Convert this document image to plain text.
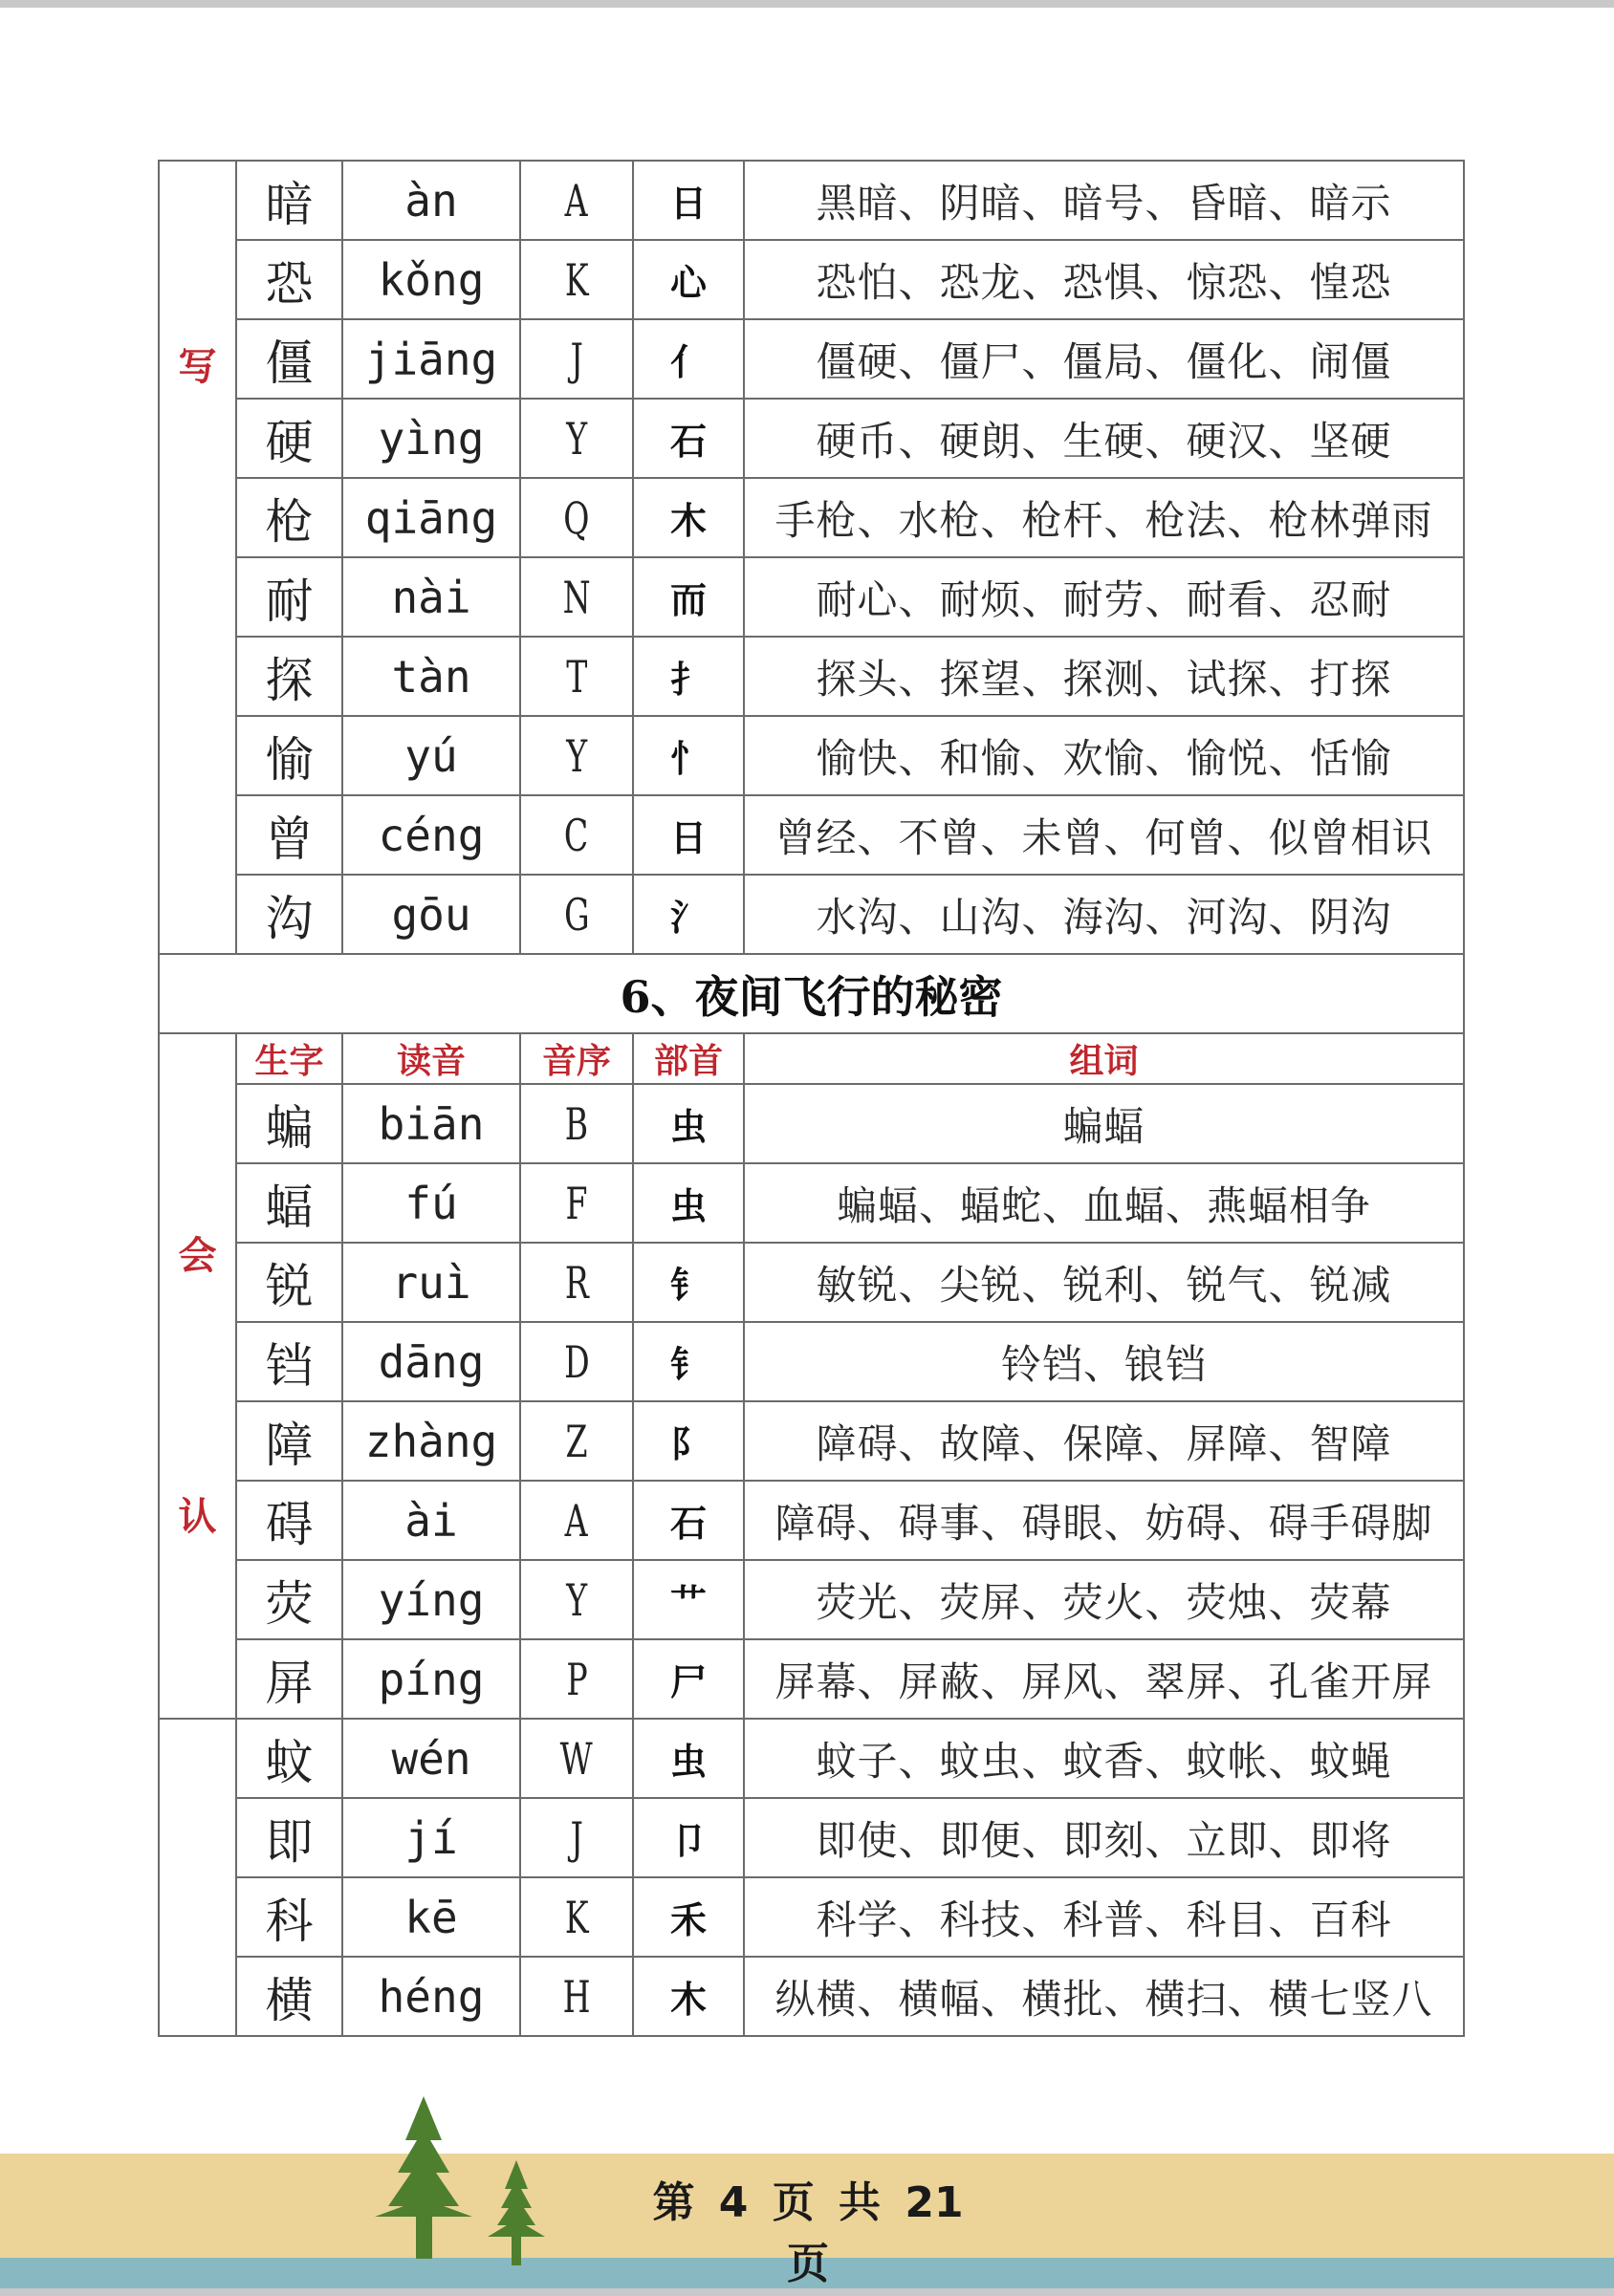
写	暗	àn	A	日	黑暗、阴暗、暗号、昏暗、暗示
	恐	kǒng	K	心	恐怕、恐龙、恐惧、惊恐、惶恐
	僵	jiāng	J	亻	僵硬、僵尸、僵局、僵化、闹僵
	硬	yìng	Y	石	硬币、硬朗、生硬、硬汉、坚硬
	枪	qiāng	Q	木	手枪、水枪、枪杆、枪法、枪林弹雨
	耐	nài	N	而	耐心、耐烦、耐劳、耐看、忍耐
	探	tàn	T	扌	探头、探望、探测、试探、打探
	愉	yú	Y	忄	愉快、和愉、欢愉、愉悦、恬愉
	曾	céng	C	日	曾经、不曾、未曾、何曾、似曾相识
	沟	gōu	G	氵	水沟、山沟、海沟、河沟、阴沟
6、夜间飞行的秘密					

会
认	生字	读音	音序	部首	组词
	蝙	biān	B	虫	蝙蝠
	蝠	fú	F	虫	蝙蝠、蝠蛇、血蝠、燕蝠相争
	锐	ruì	R	钅	敏锐、尖锐、锐利、锐气、锐减
	铛	dāng	D	钅	铃铛、锒铛
	障	zhàng	Z	阝	障碍、故障、保障、屏障、智障
	碍	ài	A	石	障碍、碍事、碍眼、妨碍、碍手碍脚
	荧	yíng	Y	艹	荧光、荧屏、荧火、荧烛、荧幕
	屏	píng	P	尸	屏幕、屏蔽、屏风、翠屏、孔雀开屏
	蚊	wén	W	虫	蚊子、蚊虫、蚊香、蚊帐、蚊蝇
	即	jí	J	卩	即使、即便、即刻、立即、即将
	科	kē	K	禾	科学、科技、科普、科目、百科
	横	héng	H	木	纵横、横幅、横批、横扫、横七竖八
第 4 页 共 21 页
